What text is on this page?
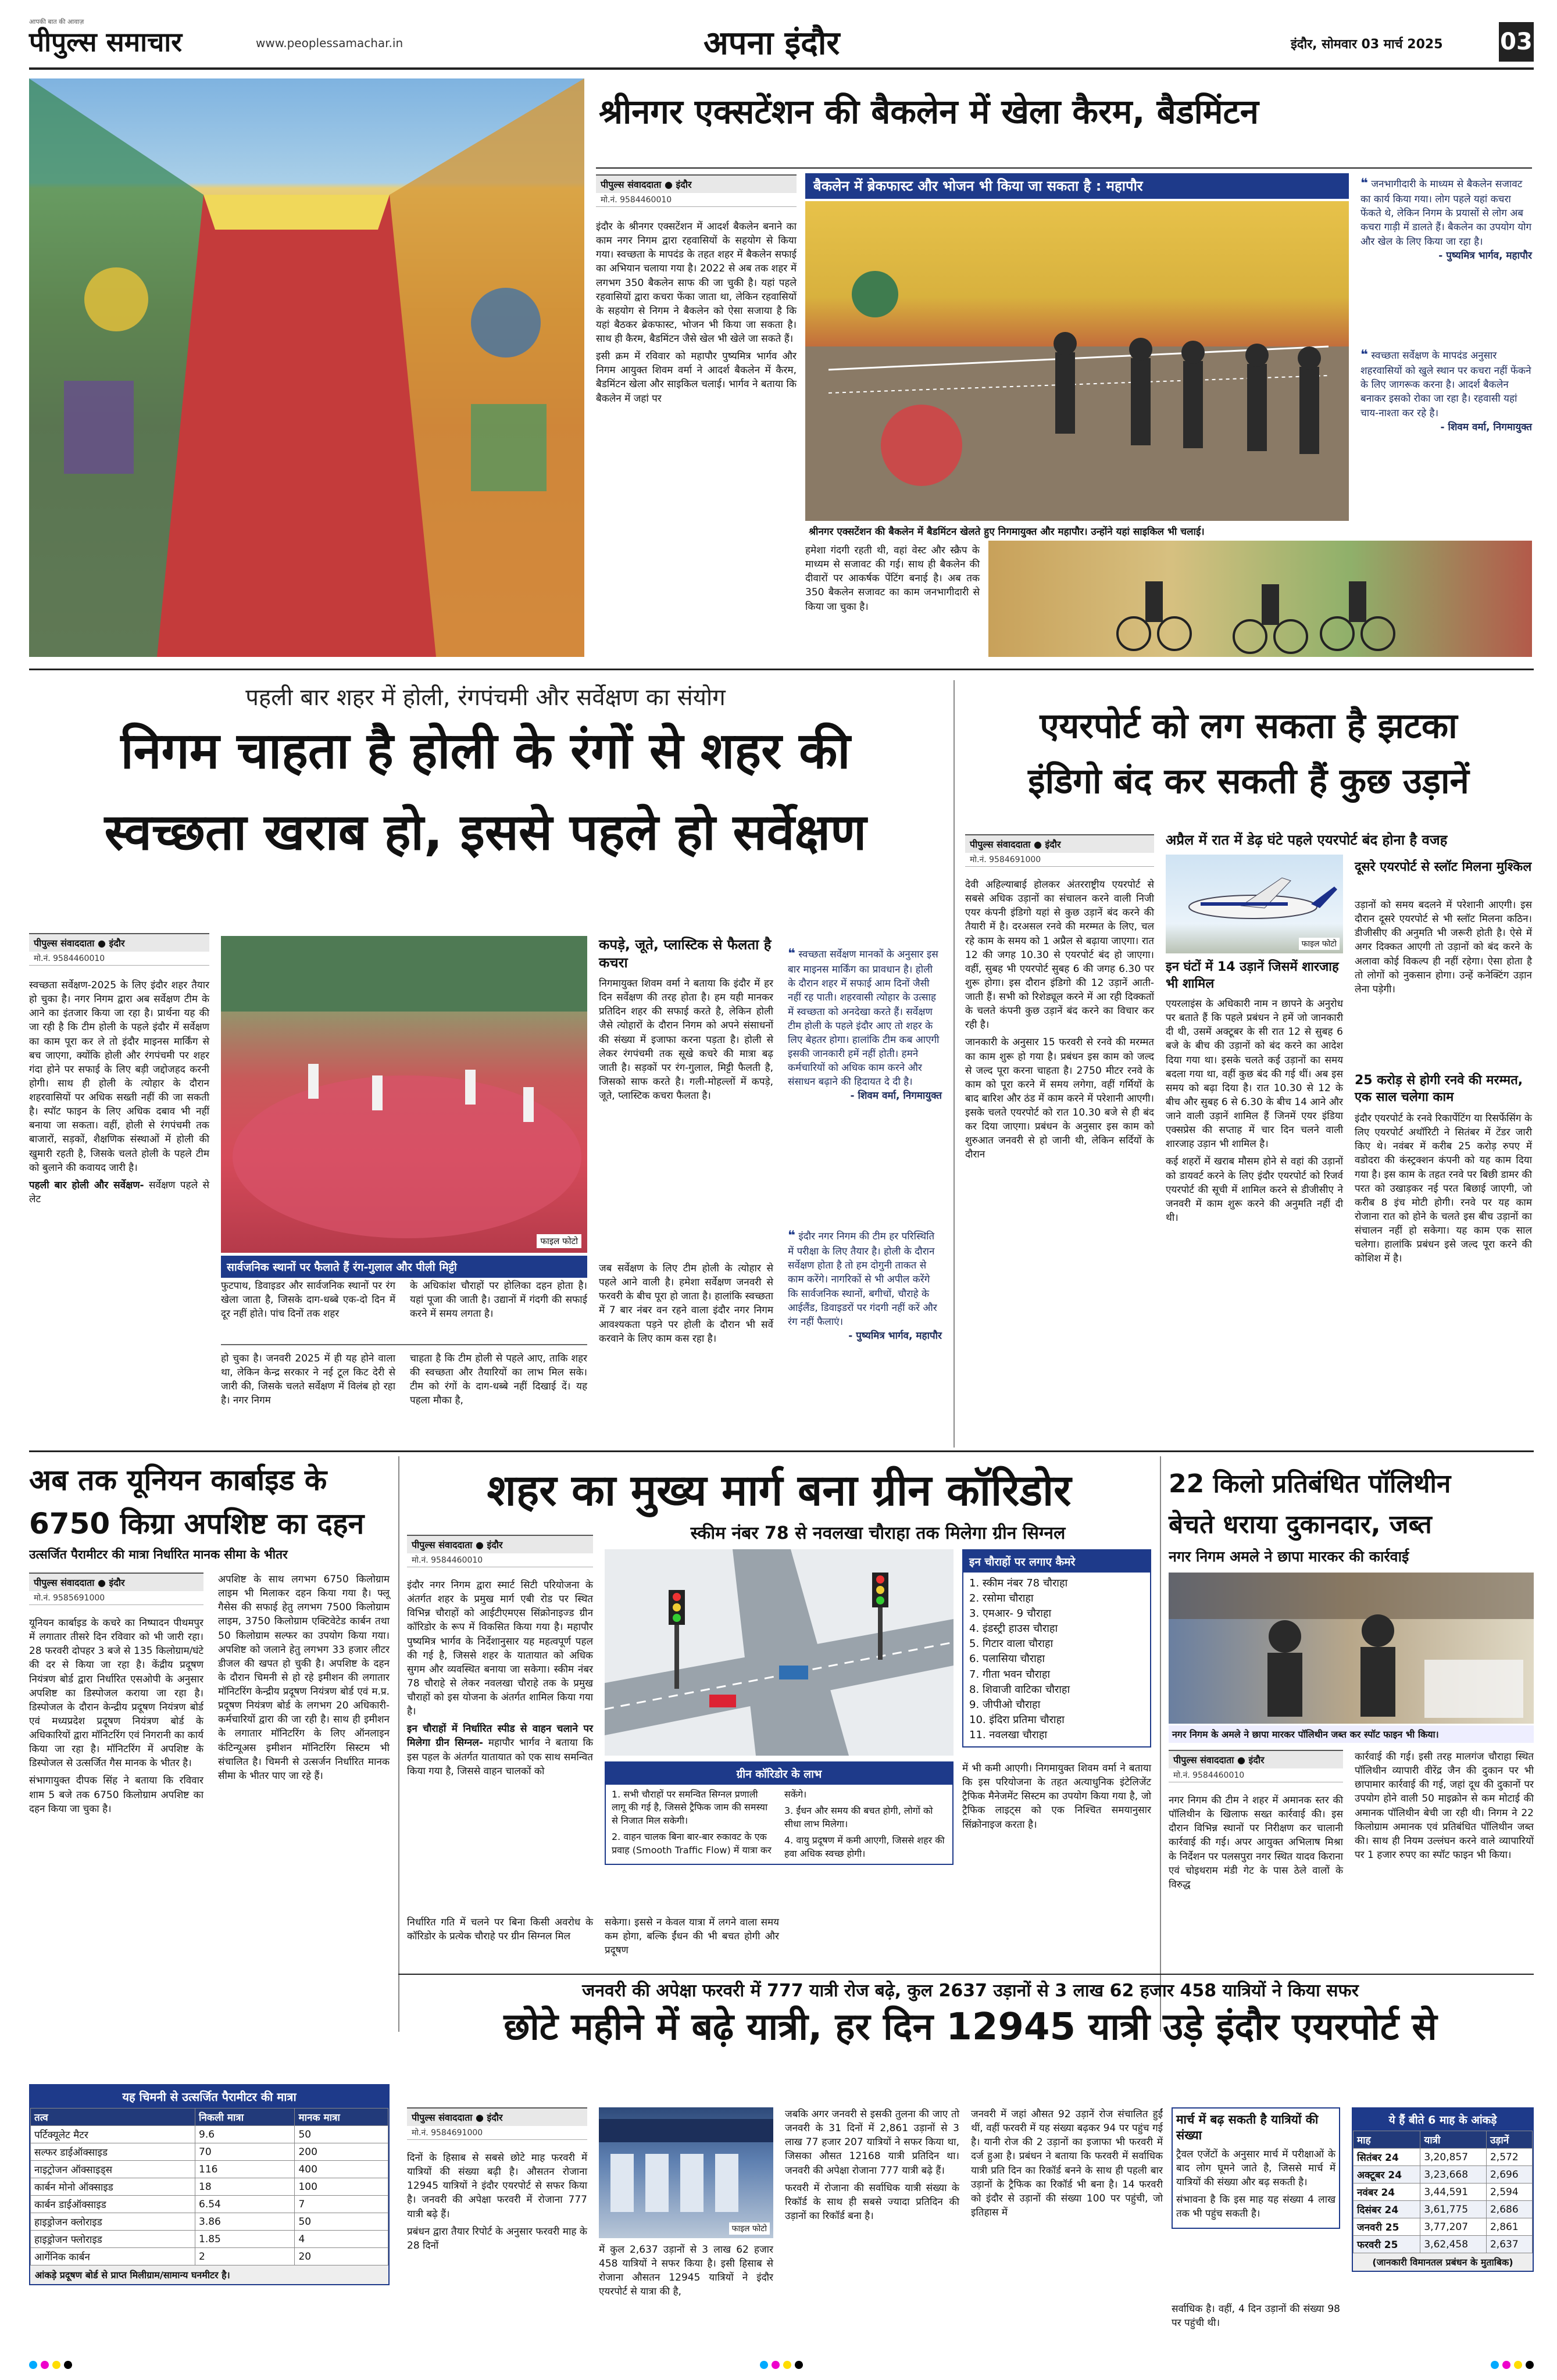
पीपुल्स समाचार
आपकी बात की आवाज़
www.peoplessamachar.in	अपना इंदौर	इंदौर, सोमवार 03 मार्च 2025 03
श्रीनगर एक्सटेंशन की बैकलेन में खेला कैरम, बैडमिंटन
पीपुल्स संवाददाता ● इंदौर
मो.नं. 9584460010

इंदौर के श्रीनगर एक्सटेंशन में आदर्श बैकलेन बनाने का काम नगर निगम द्वारा रहवासियों के सहयोग से किया गया। स्वच्छता के मापदंड के तहत शहर में बैकलेन सफाई का अभियान चलाया गया है। 2022 से अब तक शहर में लगभग 350 बैकलेन साफ की जा चुकी है। यहां पहले रहवासियों द्वारा कचरा फेंका जाता था, लेकिन रहवासियों के सहयोग से निगम ने बैकलेन को ऐसा सजाया है कि यहां बैठकर ब्रेकफास्ट, भोजन भी किया जा सकता है। साथ ही कैरम, बैडमिंटन जैसे खेल भी खेले जा सकते हैं।

इसी क्रम में रविवार को महापौर पुष्यमित्र भार्गव और निगम आयुक्त शिवम वर्मा ने आदर्श बैकलेन में कैरम, बैडमिंटन खेला और साइकिल चलाई। भार्गव ने बताया कि बैकलेन में जहां पर

बैकलेन में ब्रेकफास्ट और भोजन भी किया जा सकता है : महापौर
श्रीनगर एक्सटेंशन की बैकलेन में बैडमिंटन खेलते हुए निगमायुक्त और महापौर। उन्होंने यहां साइकिल भी चलाई।

हमेशा गंदगी रहती थी, वहां वेस्ट और स्क्रैप के माध्यम से सजावट की गई। साथ ही बैकलेन की दीवारों पर आकर्षक पेंटिंग बनाई है। अब तक 350 बैकलेन सजावट का काम जनभागीदारी से किया जा चुका है।

❝ जनभागीदारी के माध्यम से बैकलेन सजावट का कार्य किया गया। लोग पहले यहां कचरा फेंकते थे, लेकिन निगम के प्रयासों से लोग अब कचरा गाड़ी में डालते हैं। बैकलेन का उपयोग योग और खेल के लिए किया जा रहा है।
- पुष्यमित्र भार्गव, महापौर
❝ स्वच्छता सर्वेक्षण के मापदंड अनुसार शहरवासियों को खुले स्थान पर कचरा नहीं फेंकने के लिए जागरूक करना है। आदर्श बैकलेन बनाकर इसको रोका जा रहा है। रहवासी यहां चाय-नाश्ता कर रहे है।
- शिवम वर्मा, निगमायुक्त
पहली बार शहर में होली, रंगपंचमी और सर्वेक्षण का संयोग
निगम चाहता है होली के रंगों से शहर की
स्वच्छता खराब हो, इससे पहले हो सर्वेक्षण
पीपुल्स संवाददाता ● इंदौर
मो.नं. 9584460010

स्वच्छता सर्वेक्षण-2025 के लिए इंदौर शहर तैयार हो चुका है। नगर निगम द्वारा अब सर्वेक्षण टीम के आने का इंतजार किया जा रहा है। प्रार्थना यह की जा रही है कि टीम होली के पहले इंदौर में सर्वेक्षण का काम पूरा कर ले तो इंदौर माइनस मार्किंग से बच जाएगा, क्योंकि होली और रंगपंचमी पर शहर गंदा होने पर सफाई के लिए बड़ी जद्दोजहद करनी होगी। साथ ही होली के त्योहार के दौरान शहरवासियों पर अधिक सख्ती नहीं की जा सकती है। स्पॉट फाइन के लिए अधिक दबाव भी नहीं बनाया जा सकता। वहीं, होली से रंगपंचमी तक बाजारों, सड़कों, शैक्षणिक संस्थाओं में होली की खुमारी रहती है, जिसके चलते होली के पहले टीम को बुलाने की कवायद जारी है।

पहली बार होली और सर्वेक्षण- सर्वेक्षण पहले से लेट

फाइल फोटो
सार्वजनिक स्थानों पर फैलाते हैं रंग-गुलाल और पीली मिट्टी

फुटपाथ, डिवाइडर और सार्वजनिक स्थानों पर रंग खेला जाता है, जिसके दाग-धब्बे एक-दो दिन में दूर नहीं होते। पांच दिनों तक शहर

के अधिकांश चौराहों पर होलिका दहन होता है। यहां पूजा की जाती है। उद्यानों में गंदगी की सफाई करने में समय लगता है।

हो चुका है। जनवरी 2025 में ही यह होने वाला था, लेकिन केन्द्र सरकार ने नई टूल किट देरी से जारी की, जिसके चलते सर्वेक्षण में विलंब हो रहा है। नगर निगम

चाहता है कि टीम होली से पहले आए, ताकि शहर की स्वच्छता और तैयारियों का लाभ मिल सके। टीम को रंगों के दाग-धब्बे नहीं दिखाई दें। यह पहला मौका है,

कपड़े, जूते, प्लास्टिक से फैलता है कचरा

निगमायुक्त शिवम वर्मा ने बताया कि इंदौर में हर दिन सर्वेक्षण की तरह होता है। हम यही मानकर प्रतिदिन शहर की सफाई करते है, लेकिन होली जैसे त्योहारों के दौरान निगम को अपने संसाधनों की संख्या में इजाफा करना पड़ता है। होली से लेकर रंगपंचमी तक सूखे कचरे की मात्रा बढ़ जाती है। सड़कों पर रंग-गुलाल, मिट्टी फैलती है, जिसको साफ करते है। गली-मोहल्लों में कपड़े, जूते, प्लास्टिक कचरा फैलता है।

जब सर्वेक्षण के लिए टीम होली के त्योहार से पहले आने वाली है। हमेशा सर्वेक्षण जनवरी से फरवरी के बीच पूरा हो जाता है। हालांकि स्वच्छता में 7 बार नंबर वन रहने वाला इंदौर नगर निगम आवश्यकता पड़ने पर होली के दौरान भी सर्वे करवाने के लिए काम कस रहा है।

❝ स्वच्छता सर्वेक्षण मानकों के अनुसार इस बार माइनस मार्किंग का प्रावधान है। होली के दौरान शहर में सफाई आम दिनों जैसी नहीं रह पाती। शहरवासी त्योहार के उत्साह में स्वच्छता को अनदेखा करते हैं। सर्वेक्षण टीम होली के पहले इंदौर आए तो शहर के लिए बेहतर होगा। हालांकि टीम कब आएगी इसकी जानकारी हमें नहीं होती। हमने कर्मचारियों को अधिक काम करने और संसाधन बढ़ाने की हिदायत दे दी है।
- शिवम वर्मा, निगमायुक्त
❝ इंदौर नगर निगम की टीम हर परिस्थिति में परीक्षा के लिए तैयार है। होली के दौरान सर्वेक्षण होता है तो हम दोगुनी ताकत से काम करेंगे। नागरिकों से भी अपील करेंगे कि सार्वजनिक स्थानों, बगीचों, चौराहे के आईलैंड, डिवाइडरों पर गंदगी नहीं करें और रंग नहीं फैलाएं।
- पुष्यमित्र भार्गव, महापौर
एयरपोर्ट को लग सकता है झटका
इंडिगो बंद कर सकती हैं कुछ उड़ानें
पीपुल्स संवाददाता ● इंदौर
मो.नं. 9584691000

देवी अहिल्याबाई होलकर अंतरराष्ट्रीय एयरपोर्ट से सबसे अधिक उड़ानों का संचालन करने वाली निजी एयर कंपनी इंडिगो यहां से कुछ उड़ानें बंद करने की तैयारी में है। दरअसल रनवे की मरम्मत के लिए, चल रहे काम के समय को 1 अप्रैल से बढ़ाया जाएगा। रात 12 की जगह 10.30 से एयरपोर्ट बंद हो जाएगा। वहीं, सुबह भी एयरपोर्ट सुबह 6 की जगह 6.30 पर शुरू होगा। इस दौरान इंडिगो की 12 उड़ानें आती-जाती हैं। सभी को रिशेड्यूल करने में आ रही दिक्कतों के चलते कंपनी कुछ उड़ानें बंद करने का विचार कर रही है।

जानकारी के अनुसार 15 फरवरी से रनवे की मरम्मत का काम शुरू हो गया है। प्रबंधन इस काम को जल्द से जल्द पूरा करना चाहता है। 2750 मीटर रनवे के काम को पूरा करने में समय लगेगा, वहीं गर्मियों के बाद बारिश और ठंड में काम करने में परेशानी आएगी। इसके चलते एयरपोर्ट को रात 10.30 बजे से ही बंद कर दिया जाएगा। प्रबंधन के अनुसार इस काम को शुरुआत जनवरी से हो जानी थी, लेकिन सर्दियों के दौरान

अप्रैल में रात में डेढ़ घंटे पहले एयरपोर्ट बंद होना है वजह
फाइल फोटो
इन घंटों में 14 उड़ानें जिसमें शारजाह भी शामिल

एयरलाइंस के अधिकारी नाम न छापने के अनुरोध पर बताते हैं कि पहले प्रबंधन ने हमें जो जानकारी दी थी, उसमें अक्टूबर के सी रात 12 से सुबह 6 बजे के बीच की उड़ानों को बंद करने का आदेश दिया गया था। इसके चलते कई उड़ानों का समय बदला गया था, वहीं कुछ बंद की गई थीं। अब इस समय को बढ़ा दिया है। रात 10.30 से 12 के बीच और सुबह 6 से 6.30 के बीच 14 आने और जाने वाली उड़ानें शामिल हैं जिनमें एयर इंडिया एक्सप्रेस की सप्ताह में चार दिन चलने वाली शारजाह उड़ान भी शामिल है।

कई शहरों में खराब मौसम होने से वहां की उड़ानों को डायवर्ट करने के लिए इंदौर एयरपोर्ट को रिजर्व एयरपोर्ट की सूची में शामिल करने से डीजीसीए ने जनवरी में काम शुरू करने की अनुमति नहीं दी थी।

दूसरे एयरपोर्ट से स्लॉट मिलना मुश्किल

उड़ानों को समय बदलने में परेशानी आएगी। इस दौरान दूसरे एयरपोर्ट से भी स्लॉट मिलना कठिन। डीजीसीए की अनुमति भी जरूरी होती है। ऐसे में अगर दिक्कत आएगी तो उड़ानों को बंद करने के अलावा कोई विकल्प ही नहीं रहेगा। ऐसा होता है तो लोगों को नुकसान होगा। उन्हें कनेक्टिंग उड़ान लेना पड़ेगी।

25 करोड़ से होगी रनवे की मरम्मत, एक साल चलेगा काम

इंदौर एयरपोर्ट के रनवे रिकार्पेटिंग या रिसर्फेसिंग के लिए एयरपोर्ट अथॉरिटी ने सितंबर में टेंडर जारी किए थे। नवंबर में करीब 25 करोड़ रुपए में वडोदरा की कंस्ट्रक्शन कंपनी को यह काम दिया गया है। इस काम के तहत रनवे पर बिछी डामर की परत को उखाड़कर नई परत बिछाई जाएगी, जो करीब 8 इंच मोटी होगी। रनवे पर यह काम रोजाना रात को होने के चलते इस बीच उड़ानों का संचालन नहीं हो सकेगा। यह काम एक साल चलेगा। हालांकि प्रबंधन इसे जल्द पूरा करने की कोशिश में है।

अब तक यूनियन कार्बाइड के
6750 किग्रा अपशिष्ट का दहन
उत्सर्जित पैरामीटर की मात्रा निर्धारित मानक सीमा के भीतर
पीपुल्स संवाददाता ● इंदौर
मो.नं. 9585691000

यूनियन कार्बाइड के कचरे का निष्पादन पीथमपुर में लगातार तीसरे दिन रविवार को भी जारी रहा। 28 फरवरी दोपहर 3 बजे से 135 किलोग्राम/घंटे की दर से किया जा रहा है। केंद्रीय प्रदूषण नियंत्रण बोर्ड द्वारा निर्धारित एसओपी के अनुसार अपशिष्ट का डिस्पोजल कराया जा रहा है। डिस्पोजल के दौरान केन्द्रीय प्रदूषण नियंत्रण बोर्ड एवं मध्यप्रदेश प्रदूषण नियंत्रण बोर्ड के अधिकारियों द्वारा मॉनिटरिंग एवं निगरानी का कार्य किया जा रहा है। मॉनिटरिंग में अपशिष्ट के डिस्पोजल से उत्सर्जित गैस मानक के भीतर है।

संभागायुक्त दीपक सिंह ने बताया कि रविवार शाम 5 बजे तक 6750 किलोग्राम अपशिष्ट का दहन किया जा चुका है।

अपशिष्ट के साथ लगभग 6750 किलोग्राम लाइम भी मिलाकर दहन किया गया है। फ्लू गैसेस की सफाई हेतु लगभग 7500 किलोग्राम लाइम, 3750 किलोग्राम एक्टिवेटेड कार्बन तथा 50 किलोग्राम सल्फर का उपयोग किया गया। अपशिष्ट को जलाने हेतु लगभग 33 हजार लीटर डीजल की खपत हो चुकी है। अपशिष्ट के दहन के दौरान चिमनी से हो रहे इमीशन की लगातार मॉनिटरिंग केन्द्रीय प्रदूषण नियंत्रण बोर्ड एवं म.प्र. प्रदूषण नियंत्रण बोर्ड के लगभग 20 अधिकारी-कर्मचारियों द्वारा की जा रही है। साथ ही इमीशन के लगातार मॉनिटरिंग के लिए ऑनलाइन कंटिन्यूअस इमीशन मॉनिटरिंग सिस्टम भी संचालित है। चिमनी से उत्सर्जन निर्धारित मानक सीमा के भीतर पाए जा रहे हैं।

यह चिमनी से उत्सर्जित पैरामीटर की मात्रा
तत्व	निकली मात्रा	मानक मात्रा
पर्टिक्यूलेट मैटर	9.6	50
सल्फर डाईऑक्साइड	70	200
नाइट्रोजन ऑक्साइड्स	116	400
कार्बन मोनो ऑक्साइड	18	100
कार्बन डाईऑक्साइड	6.54	7
हाइड्रोजन क्लोराइड	3.86	50
हाइड्रोजन फ्लोराइड	1.85	4
आर्गेनिक कार्बन	2	20
आंकड़े प्रदूषण बोर्ड से प्राप्त मिलीग्राम/सामान्य घनमीटर है।
शहर का मुख्य मार्ग बना ग्रीन कॉरिडोर
पीपुल्स संवाददाता ● इंदौर
मो.नं. 9584460010

इंदौर नगर निगम द्वारा स्मार्ट सिटी परियोजना के अंतर्गत शहर के प्रमुख मार्ग एबी रोड पर स्थित विभिन्न चौराहों को आईटीएमएस सिंक्रोनाइज्ड ग्रीन कॉरिडोर के रूप में विकसित किया गया है। महापौर पुष्यमित्र भार्गव के निर्देशानुसार यह महत्वपूर्ण पहल की गई है, जिससे शहर के यातायात को अधिक सुगम और व्यवस्थित बनाया जा सकेगा। स्कीम नंबर 78 चौराहे से लेकर नवलखा चौराहे तक के प्रमुख चौराहों को इस योजना के अंतर्गत शामिल किया गया है।

इन चौराहों में निर्धारित स्पीड से वाहन चलाने पर मिलेगा ग्रीन सिग्नल- महापौर भार्गव ने बताया कि इस पहल के अंतर्गत यातायात को एक साथ समन्वित किया गया है, जिससे वाहन चालकों को

स्कीम नंबर 78 से नवलखा चौराहा तक मिलेगा ग्रीन सिग्नल
इन चौराहों पर लगाए कैमरे
1. स्कीम नंबर 78 चौराहा
2. रसोमा चौराहा
3. एमआर- 9 चौराहा
4. इंडस्ट्री हाउस चौराहा
5. गिटार वाला चौराहा
6. पलासिया चौराहा
7. गीता भवन चौराहा
8. शिवाजी वाटिका चौराहा
9. जीपीओ चौराहा
10. इंदिरा प्रतिमा चौराहा
11. नवलखा चौराहा
ग्रीन कॉरिडोर के लाभ

1. सभी चौराहों पर समन्वित सिग्नल प्रणाली लागू की गई है, जिससे ट्रैफिक जाम की समस्या से निजात मिल सकेगी।

2. वाहन चालक बिना बार-बार रुकावट के एक प्रवाह (Smooth Traffic Flow) में यात्रा कर सकेंगे।

3. ईंधन और समय की बचत होगी, लोगों को सीधा लाभ मिलेगा।

4. वायु प्रदूषण में कमी आएगी, जिससे शहर की हवा अधिक स्वच्छ होगी।

निर्धारित गति में चलने पर बिना किसी अवरोध के कॉरिडोर के प्रत्येक चौराहे पर ग्रीन सिग्नल मिल

सकेगा। इससे न केवल यात्रा में लगने वाला समय कम होगा, बल्कि ईंधन की भी बचत होगी और प्रदूषण

में भी कमी आएगी। निगमायुक्त शिवम वर्मा ने बताया कि इस परियोजना के तहत अत्याधुनिक इंटेलिजेंट ट्रैफिक मैनेजमेंट सिस्टम का उपयोग किया गया है, जो ट्रैफिक लाइट्स को एक निश्चित समयानुसार सिंक्रोनाइज करता है।

22 किलो प्रतिबंधित पॉलिथीन
बेचते धराया दुकानदार, जब्त
नगर निगम अमले ने छापा मारकर की कार्रवाई
नगर निगम के अमले ने छापा मारकर पॉलिथीन जब्त कर स्पॉट फाइन भी किया।
पीपुल्स संवाददाता ● इंदौर
मो.नं. 9584460010

नगर निगम की टीम ने शहर में अमानक स्तर की पॉलिथीन के खिलाफ सख्त कार्रवाई की। इस दौरान विभिन्न स्थानों पर निरीक्षण कर चालानी कार्रवाई की गई। अपर आयुक्त अभिलाष मिश्रा के निर्देशन पर पलसपुरा नगर स्थित यादव किराना एवं चोइथराम मंडी गेट के पास ठेले वालों के विरुद्ध

कार्रवाई की गई। इसी तरह मालगंज चौराहा स्थित पॉलिथीन व्यापारी वीरेंद्र जैन की दुकान पर भी छापामार कार्रवाई की गई, जहां दूध की दुकानों पर उपयोग होने वाली 50 माइक्रोन से कम मोटाई की अमानक पॉलिथीन बेची जा रही थी। निगम ने 22 किलोग्राम अमानक एवं प्रतिबंधित पॉलिथीन जब्त की। साथ ही नियम उल्लंघन करने वाले व्यापारियों पर 1 हजार रुपए का स्पॉट फाइन भी किया।

जनवरी की अपेक्षा फरवरी में 777 यात्री रोज बढ़े, कुल 2637 उड़ानों से 3 लाख 62 हजार 458 यात्रियों ने किया सफर
छोटे महीने में बढ़े यात्री, हर दिन 12945 यात्री उड़े इंदौर एयरपोर्ट से
पीपुल्स संवाददाता ● इंदौर
मो.नं. 9584691000

दिनों के हिसाब से सबसे छोटे माह फरवरी में यात्रियों की संख्या बढ़ी है। औसतन रोजाना 12945 यात्रियों ने इंदौर एयरपोर्ट से सफर किया है। जनवरी की अपेक्षा फरवरी में रोजाना 777 यात्री बढ़े हैं।

प्रबंधन द्वारा तैयार रिपोर्ट के अनुसार फरवरी माह के 28 दिनों

फाइल फोटो

में कुल 2,637 उड़ानों से 3 लाख 62 हजार 458 यात्रियों ने सफर किया है। इसी हिसाब से रोजाना औसतन 12945 यात्रियों ने इंदौर एयरपोर्ट से यात्रा की है,

जबकि अगर जनवरी से इसकी तुलना की जाए तो जनवरी के 31 दिनों में 2,861 उड़ानों से 3 लाख 77 हजार 207 यात्रियों ने सफर किया था, जिसका औसत 12168 यात्री प्रतिदिन था। जनवरी की अपेक्षा रोजाना 777 यात्री बढ़े हैं।

फरवरी में रोजाना की सर्वाधिक यात्री संख्या के रिकॉर्ड के साथ ही सबसे ज्यादा प्रतिदिन की उड़ानों का रिकॉर्ड बना है।

जनवरी में जहां औसत 92 उड़ानें रोज संचालित हुईं थीं, वहीं फरवरी में यह संख्या बढ़कर 94 पर पहुंच गई है। यानी रोज की 2 उड़ानों का इजाफा भी फरवरी में दर्ज हुआ है। प्रबंधन ने बताया कि फरवरी में सर्वाधिक यात्री प्रति दिन का रिकॉर्ड बनने के साथ ही पहली बार उड़ानों के ट्रैफिक का रिकॉर्ड भी बना है। 14 फरवरी को इंदौर से उड़ानों की संख्या 100 पर पहुंची, जो इतिहास में

मार्च में बढ़ सकती है यात्रियों की संख्या

ट्रैवल एजेंटों के अनुसार मार्च में परीक्षाओं के बाद लोग घूमने जाते है, जिससे मार्च में यात्रियों की संख्या और बढ़ सकती है।

संभावना है कि इस माह यह संख्या 4 लाख तक भी पहुंच सकती है।

सर्वाधिक है। वहीं, 4 दिन उड़ानों की संख्या 98 पर पहुंची थी।

ये हैं बीते 6 माह के आंकड़े
माह	यात्री	उड़ानें
सितंबर 24	3,20,857	2,572
अक्टूबर 24	3,23,668	2,696
नवंबर 24	3,44,591	2,594
दिसंबर 24	3,61,775	2,686
जनवरी 25	3,77,207	2,861
फरवरी 25	3,62,458	2,637
(जानकारी विमानतल प्रबंधन के मुताबिक)
